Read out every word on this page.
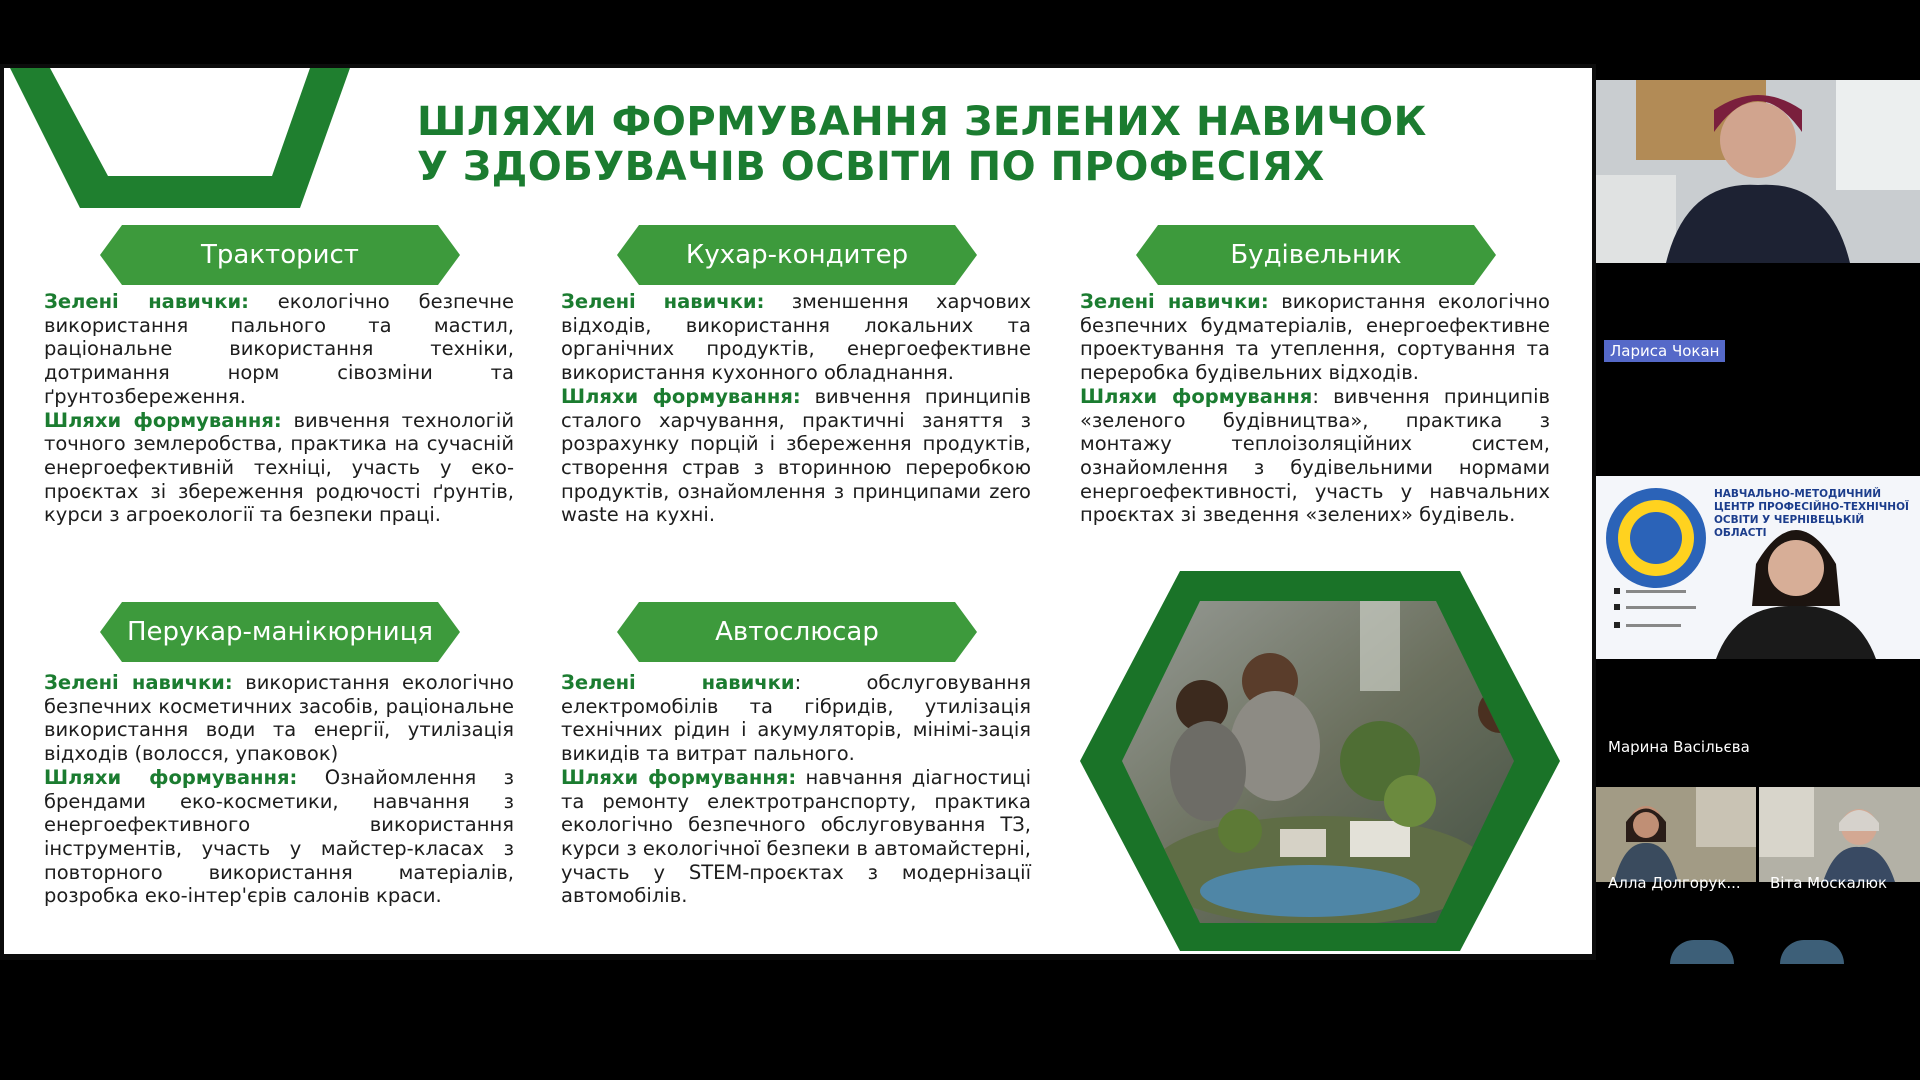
ШЛЯХИ ФОРМУВАННЯ ЗЕЛЕНИХ НАВИЧОК
У ЗДОБУВАЧІВ ОСВІТИ ПО ПРОФЕСІЯХ
Тракторист	Кухар-кондитер	Будівельник
Перукар-манікюрниця	Автослюсар

Зелені навички: екологічно безпечне використання пального та мастил, раціональне використання техніки, дотримання норм сівозміни та ґрунтозбереження.

Шляхи формування: вивчення технологій точного землеробства, практика на сучасній енергоефективній техніці, участь у еко-проєктах зі збереження родючості ґрунтів, курси з агроекології та безпеки праці.

Зелені навички: зменшення харчових відходів, використання локальних та органічних продуктів, енергоефективне використання кухонного обладнання.

Шляхи формування: вивчення принципів сталого харчування, практичні заняття з розрахунку порцій і збереження продуктів, створення страв з вторинною переробкою продуктів, ознайомлення з принципами zero waste на кухні.

Зелені навички: використання екологічно безпечних будматеріалів, енергоефективне проектування та утеплення, сортування та переробка будівельних відходів.

Шляхи формування: вивчення принципів «зеленого будівництва», практика з монтажу теплоізоляційних систем, ознайомлення з будівельними нормами енергоефективності, участь у навчальних проєктах зі зведення «зелених» будівель.

Зелені навички: використання екологічно безпечних косметичних засобів, раціональне використання води та енергії, утилізація відходів (волосся, упаковок)

Шляхи формування: Ознайомлення з брендами еко-косметики, навчання з енергоефективного використання інструментів, участь у майстер-класах з повторного використання матеріалів, розробка еко-інтер'єрів салонів краси.

Зелені навички: обслуговування електромобілів та гібридів, утилізація технічних рідин і акумуляторів, мінімі-зація викидів та витрат пального.

Шляхи формування: навчання діагностиці та ремонту електротранспорту, практика екологічно безпечного обслуговування ТЗ, курси з екологічної безпеки в автомайстерні, участь у STEM-проєктах з модернізації автомобілів.

Лариса Чокан
НАВЧАЛЬНО-МЕТОДИЧНИЙ ЦЕНТР ПРОФЕСІЙНО-ТЕХНІЧНОЇ ОСВІТИ У ЧЕРНІВЕЦЬКІЙ ОБЛАСТІ
Марина Васільєва
Алла Долгорук... Віта Москалюк
